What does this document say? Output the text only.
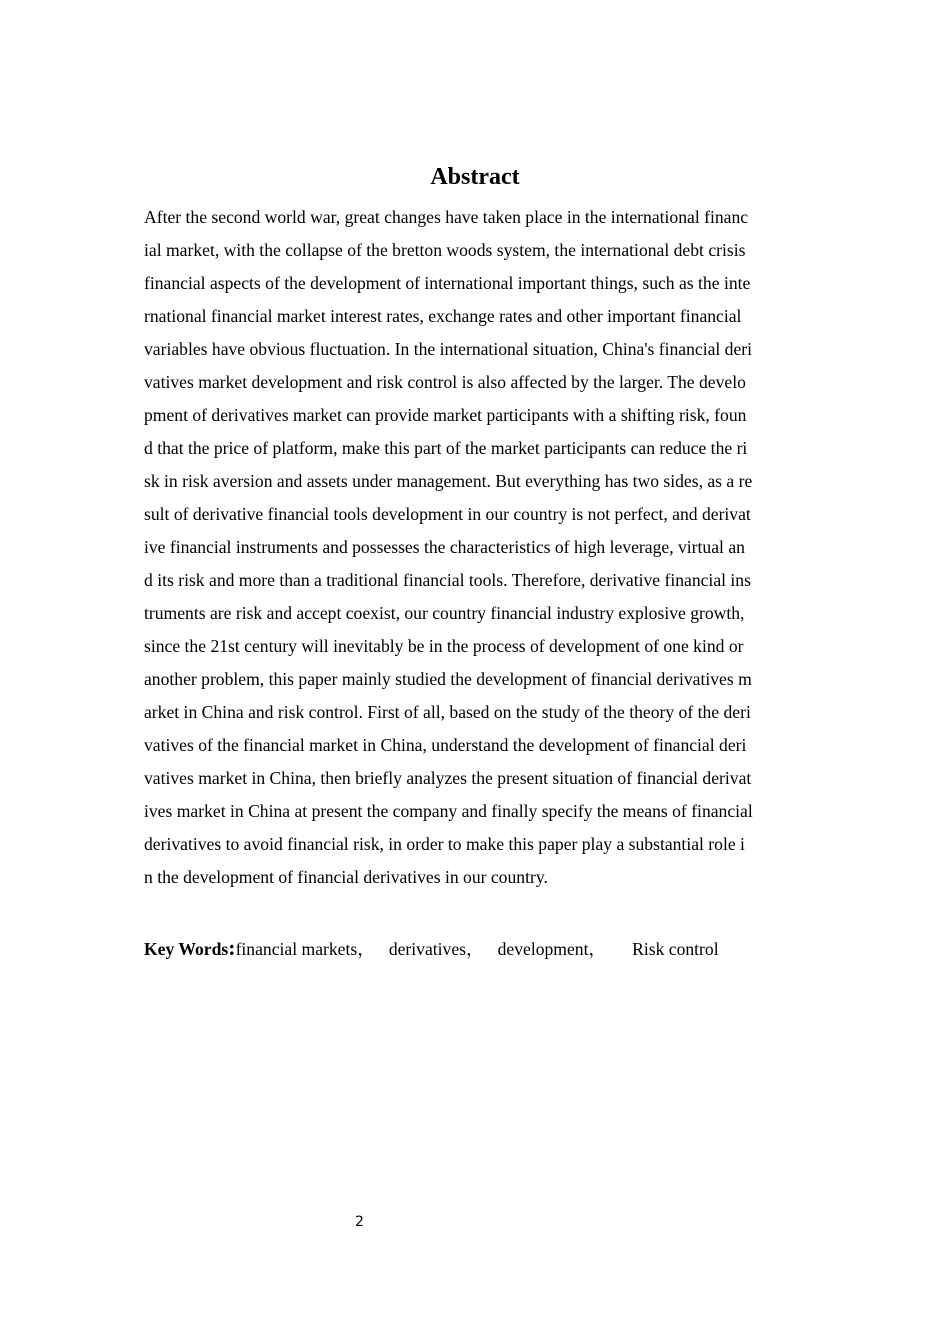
Abstract
After the second world war, great changes have taken place in the international financ
ial market, with the collapse of the bretton woods system, the international debt crisis
financial aspects of the development of international important things, such as the inte
rnational financial market interest rates, exchange rates and other important financial
variables have obvious fluctuation. In the international situation, China's financial deri
vatives market development and risk control is also affected by the larger. The develo
pment of derivatives market can provide market participants with a shifting risk, foun
d that the price of platform, make this part of the market participants can reduce the ri
sk in risk aversion and assets under management. But everything has two sides, as a re
sult of derivative financial tools development in our country is not perfect, and derivat
ive financial instruments and possesses the characteristics of high leverage, virtual an
d its risk and more than a traditional financial tools. Therefore, derivative financial ins
truments are risk and accept coexist, our country financial industry explosive growth,
since the 21st century will inevitably be in the process of development of one kind or
another problem, this paper mainly studied the development of financial derivatives m
arket in China and risk control. First of all, based on the study of the theory of the deri
vatives of the financial market in China, understand the development of financial deri
vatives market in China, then briefly analyzes the present situation of financial derivat
ives market in China at present the company and finally specify the means of financial
derivatives to avoid financial risk, in order to make this paper play a substantial role i
n the development of financial derivatives in our country.
Key Words:financial markets， derivatives， development， Risk control
2
